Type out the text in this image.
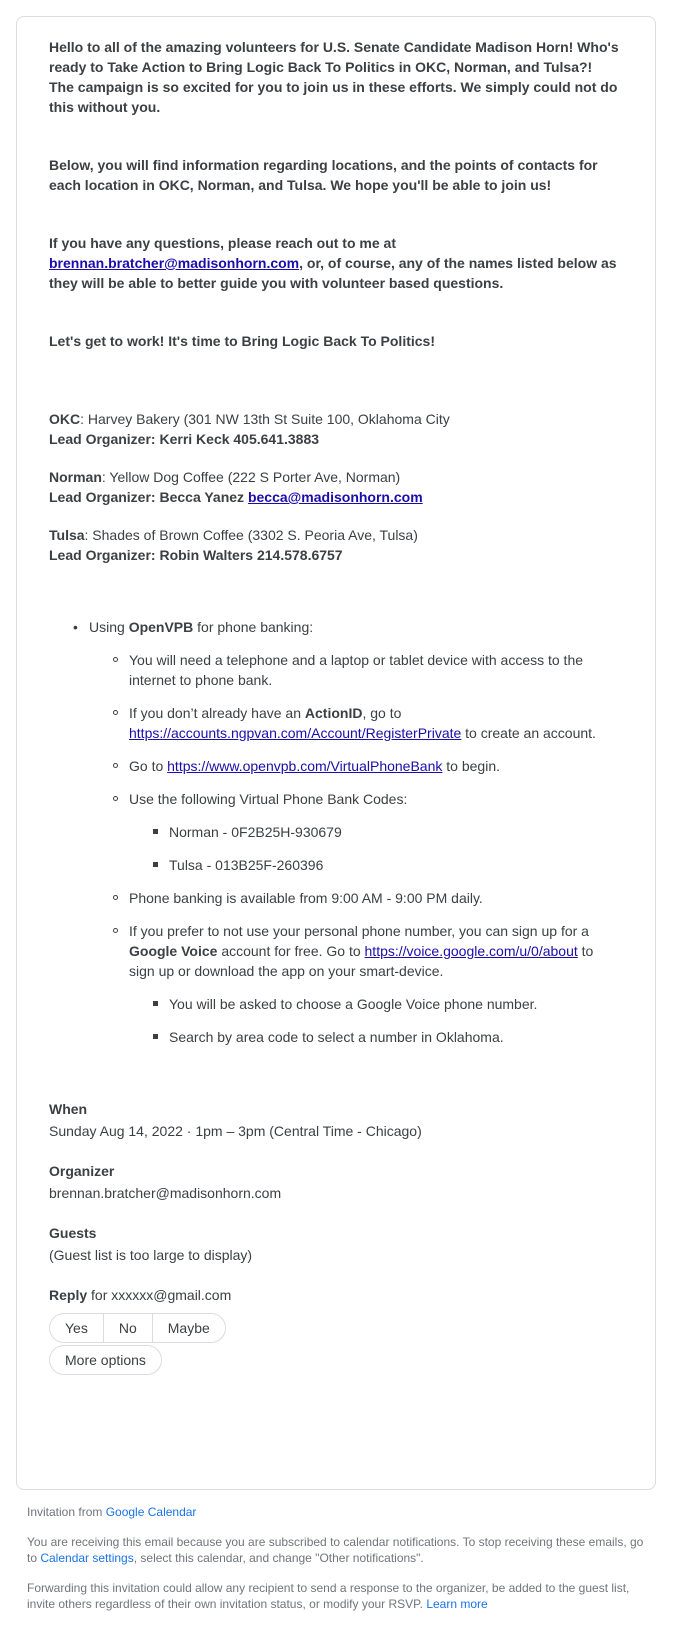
Hello to all of the amazing volunteers for U.S. Senate Candidate Madison Horn! Who's ready to Take Action to Bring Logic Back To Politics in OKC, Norman, and Tulsa?! The campaign is so excited for you to join us in these efforts. We simply could not do this without you.

Below, you will find information regarding locations, and the points of contacts for each location in OKC, Norman, and Tulsa. We hope you'll be able to join us!

If you have any questions, please reach out to me at brennan.bratcher@madisonhorn.com, or, of course, any of the names listed below as they will be able to better guide you with volunteer based questions.

Let's get to work! It's time to Bring Logic Back To Politics!

OKC: Harvey Bakery (301 NW 13th St Suite 100, Oklahoma City
Lead Organizer: Kerri Keck 405.641.3883
Norman: Yellow Dog Coffee (222 S Porter Ave, Norman)
Lead Organizer: Becca Yanez becca@madisonhorn.com
Tulsa: Shades of Brown Coffee (3302 S. Peoria Ave, Tulsa)
Lead Organizer: Robin Walters 214.578.6757
• Using OpenVPB for phone banking:
You will need a telephone and a laptop or tablet device with access to the internet to phone bank.
If you don’t already have an ActionID, go to https://accounts.ngpvan.com/Account/RegisterPrivate to create an account.
Go to https://www.openvpb.com/VirtualPhoneBank to begin.
Use the following Virtual Phone Bank Codes:
Norman - 0F2B25H-930679
Tulsa - 013B25F-260396
Phone banking is available from 9:00 AM - 9:00 PM daily.
If you prefer to not use your personal phone number, you can sign up for a Google Voice account for free. Go to https://voice.google.com/u/0/about to sign up or download the app on your smart-device.
You will be asked to choose a Google Voice phone number.
Search by area code to select a number in Oklahoma.
When
Sunday Aug 14, 2022 · 1pm – 3pm (Central Time - Chicago)
Organizer
brennan.bratcher@madisonhorn.com
Guests
(Guest list is too large to display)
Reply for xxxxxx@gmail.com
Yes	No	Maybe

More options

Invitation from Google Calendar

You are receiving this email because you are subscribed to calendar notifications. To stop receiving these emails, go to Calendar settings, select this calendar, and change "Other notifications".

Forwarding this invitation could allow any recipient to send a response to the organizer, be added to the guest list, invite others regardless of their own invitation status, or modify your RSVP. Learn more
